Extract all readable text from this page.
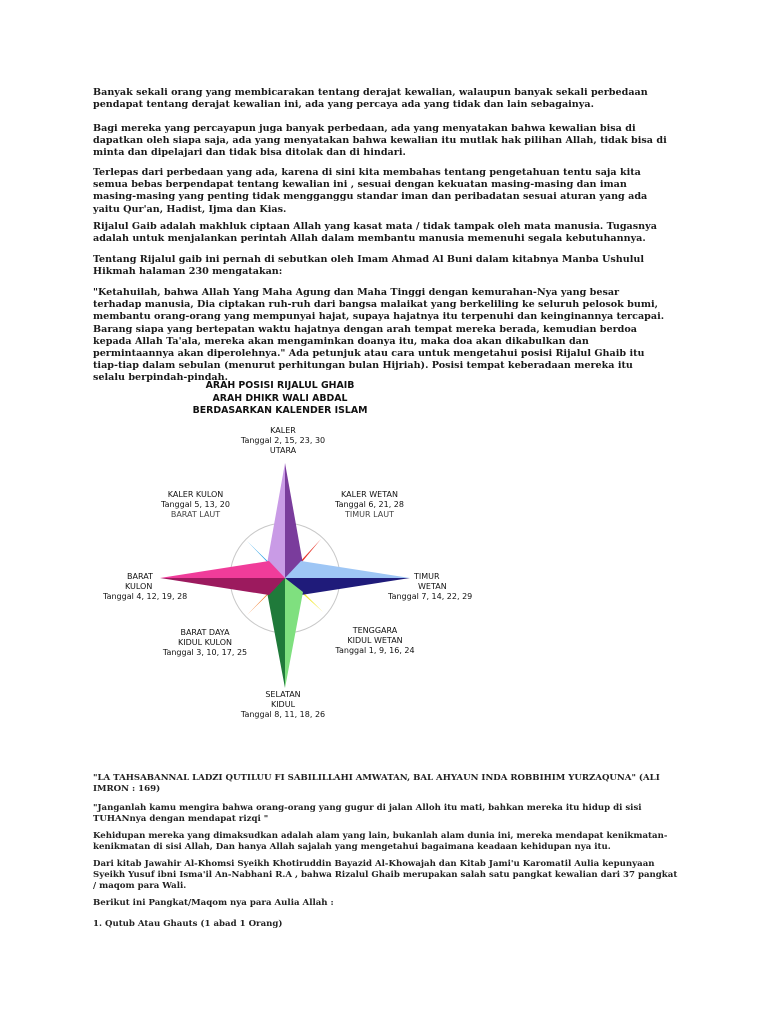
Banyak sekali orang yang membicarakan tentang derajat kewalian, walaupun banyak sekali perbedaan pendapat tentang derajat kewalian ini, ada yang percaya ada yang tidak dan lain sebagainya.

Bagi mereka yang percayapun juga banyak perbedaan, ada yang menyatakan bahwa kewalian bisa di dapatkan oleh siapa saja, ada yang menyatakan bahwa kewalian itu mutlak hak pilihan Allah, tidak bisa di minta dan dipelajari dan tidak bisa ditolak dan di hindari.

Terlepas dari perbedaan yang ada, karena di sini kita membahas tentang pengetahuan tentu saja kita semua bebas berpendapat tentang kewalian ini , sesuai dengan kekuatan masing-masing dan iman masing-masing yang penting tidak mengganggu standar iman dan peribadatan sesuai aturan yang ada yaitu Qur'an, Hadist, Ijma dan Kias.

Rijalul Gaib adalah makhluk ciptaan Allah yang kasat mata / tidak tampak oleh mata manusia. Tugasnya adalah untuk menjalankan perintah Allah dalam membantu manusia memenuhi segala kebutuhannya.

Tentang Rijalul gaib ini pernah di sebutkan oleh Imam Ahmad Al Buni dalam kitabnya Manba Ushulul Hikmah halaman 230 mengatakan:

"Ketahuilah, bahwa Allah Yang Maha Agung dan Maha Tinggi dengan kemurahan-Nya yang besar terhadap manusia, Dia ciptakan ruh-ruh dari bangsa malaikat yang berkeliling ke seluruh pelosok bumi, membantu orang-orang yang mempunyai hajat, supaya hajatnya itu terpenuhi dan keinginannya tercapai. Barang siapa yang bertepatan waktu hajatnya dengan arah tempat mereka berada, kemudian berdoa kepada Allah Ta'ala, mereka akan mengaminkan doanya itu, maka doa akan dikabulkan dan permintaannya akan diperolehnya." Ada petunjuk atau cara untuk mengetahui posisi Rijalul Ghaib itu tiap-tiap dalam sebulan (menurut perhitungan bulan Hijriah). Posisi tempat keberadaan mereka itu selalu berpindah-pindah.

ARAH POSISI RIJALUL GHAIB
ARAH DHIKR WALI ABDAL
BERDASARKAN KALENDER ISLAM
KALER
Tanggal 2, 15, 23, 30
UTARA
KALER KULON
Tanggal 5, 13, 20
BARAT LAUT
KALER WETAN
Tanggal 6, 21, 28
TIMUR LAUT
BARAT
KULON
Tanggal 4, 12, 19, 28
TIMUR
WETAN
Tanggal 7, 14, 22, 29
BARAT DAYA
KIDUL KULON
Tanggal 3, 10, 17, 25
TENGGARA
KIDUL WETAN
Tanggal 1, 9, 16, 24
SELATAN
KIDUL
Tanggal 8, 11, 18, 26

"LA TAHSABANNAL LADZI QUTILUU FI SABILILLAHI AMWATAN, BAL AHYAUN INDA ROBBIHIM YURZAQUNA" (ALI IMRON : 169)

"Janganlah kamu mengira bahwa orang-orang yang gugur di jalan Alloh itu mati, bahkan mereka itu hidup di sisi TUHANnya dengan mendapat rizqi "

Kehidupan mereka yang dimaksudkan adalah alam yang lain, bukanlah alam dunia ini, mereka mendapat kenikmatan-kenikmatan di sisi Allah, Dan hanya Allah sajalah yang mengetahui bagaimana keadaan kehidupan nya itu.

Dari kitab Jawahir Al-Khomsi Syeikh Khotiruddin Bayazid Al-Khowajah dan Kitab Jami'u Karomatil Aulia kepunyaan Syeikh Yusuf ibni Isma'il An-Nabhani R.A , bahwa Rizalul Ghaib merupakan salah satu pangkat kewalian dari 37 pangkat / maqom para Wali.

Berikut ini Pangkat/Maqom nya para Aulia Allah :

1. Qutub Atau Ghauts (1 abad 1 Orang)
